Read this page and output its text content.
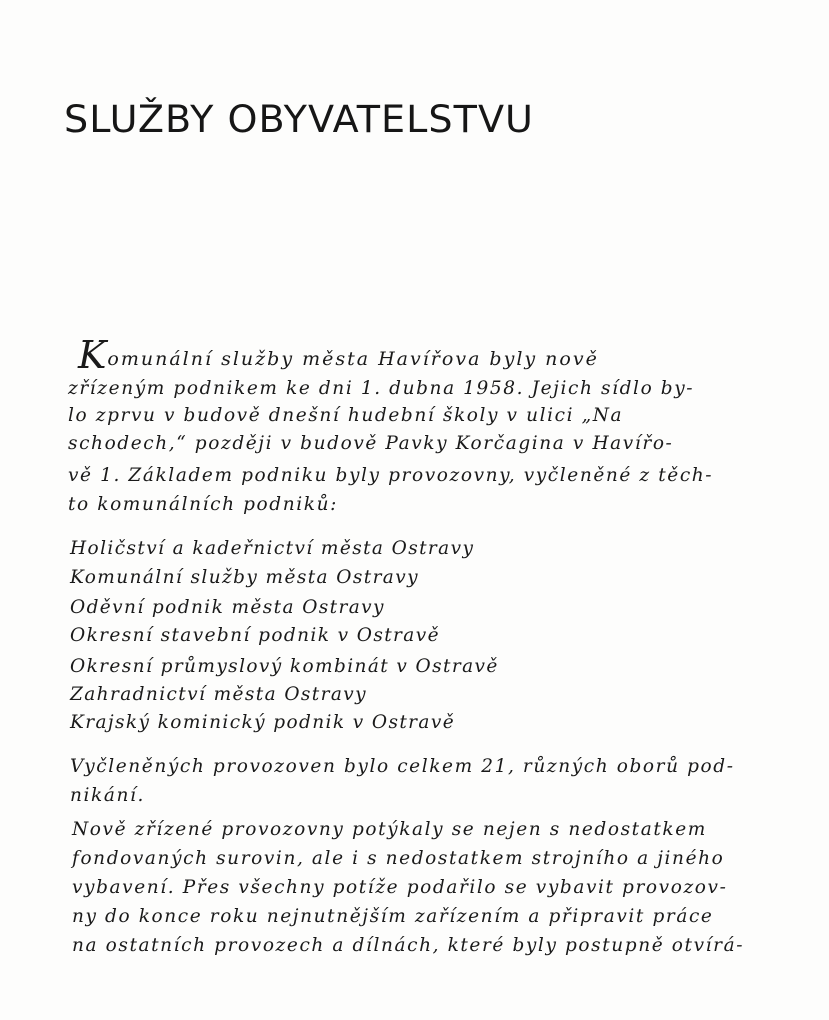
SLUŽBY OBYVATELSTVU
Komunální služby města Havířova byly nově
zřízeným podnikem ke dni 1. dubna 1958. Jejich sídlo by-
lo zprvu v budově dnešní hudební školy v ulici „Na
schodech,“ později v budově Pavky Korčagina v Havířo-
vě 1. Základem podniku byly provozovny, vyčleněné z těch-
to komunálních podniků:
Holičství a kadeřnictví města Ostravy
Komunální služby města Ostravy
Oděvní podnik města Ostravy
Okresní stavební podnik v Ostravě
Okresní průmyslový kombinát v Ostravě
Zahradnictví města Ostravy
Krajský kominický podnik v Ostravě
Vyčleněných provozoven bylo celkem 21, různých oborů pod-
nikání.
Nově zřízené provozovny potýkaly se nejen s nedostatkem
fondovaných surovin, ale i s nedostatkem strojního a jiného
vybavení. Přes všechny potíže podařilo se vybavit provozov-
ny do konce roku nejnutnějším zařízením a připravit práce
na ostatních provozech a dílnách, které byly postupně otvírá-
